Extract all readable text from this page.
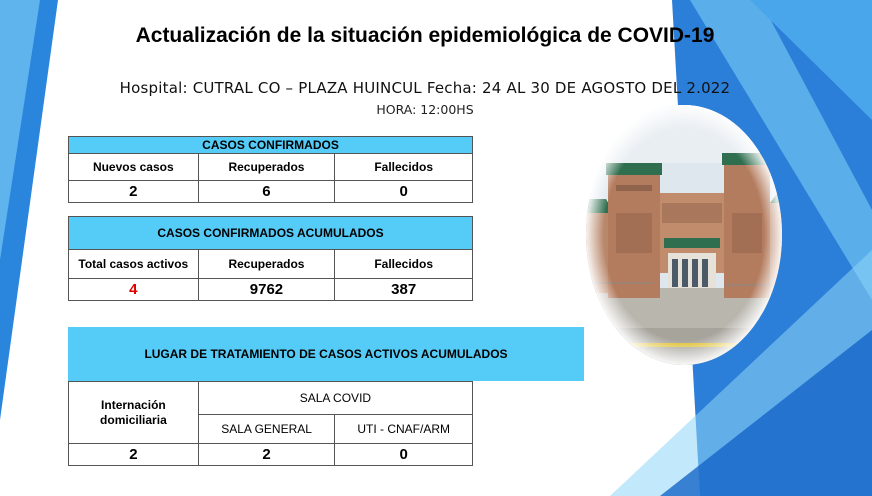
Actualización de la situación epidemiológica de COVID-19
Hospital: CUTRAL CO – PLAZA HUINCUL Fecha: 24 AL 30 DE AGOSTO DEL 2.022
HORA: 12:00HS
CASOS CONFIRMADOS		
Nuevos casos	Recuperados	Fallecidos
2	6	0
CASOS CONFIRMADOS ACUMULADOS		
Total casos activos	Recuperados	Fallecidos
4	9762	387
LUGAR DE TRATAMIENTO DE CASOS ACTIVOS ACUMULADOS
Internación domiciliaria	SALA COVID	
	SALA GENERAL	UTI - CNAF/ARM
2	2	0
